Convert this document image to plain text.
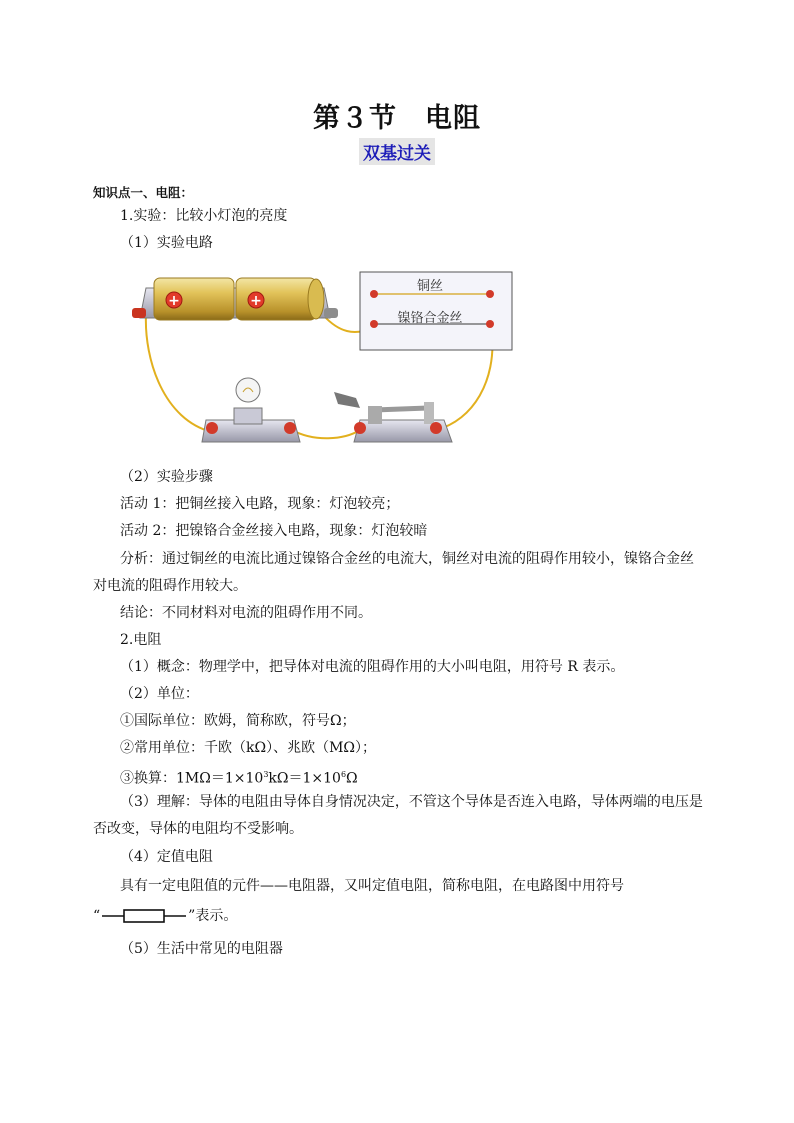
第３节　电阻
双基过关
知识点一、电阻：
1.实验：比较小灯泡的亮度
（1）实验电路
+	+
铜丝
镍铬合金丝
（2）实验步骤
活动 1：把铜丝接入电路，现象：灯泡较亮；
活动 2：把镍铬合金丝接入电路，现象：灯泡较暗
分析：通过铜丝的电流比通过镍铬合金丝的电流大，铜丝对电流的阻碍作用较小，镍铬合金丝
对电流的阻碍作用较大。
结论：不同材料对电流的阻碍作用不同。
2.电阻
（1）概念：物理学中，把导体对电流的阻碍作用的大小叫电阻，用符号 R 表示。
（2）单位：
①国际单位：欧姆，简称欧，符号Ω；
②常用单位：千欧（kΩ）、兆欧（MΩ）；
③换算：$1M\Omega=1\times 10^3k\Omega=1\times 10^6\Omega$
（3）理解：导体的电阻由导体自身情况决定，不管这个导体是否连入电路，导体两端的电压是
否改变，导体的电阻均不受影响。
（4）定值电阻
具有一定电阻值的元件——电阻器，又叫定值电阻，简称电阻，在电路图中用符号
“	”表示。
（5）生活中常见的电阻器
